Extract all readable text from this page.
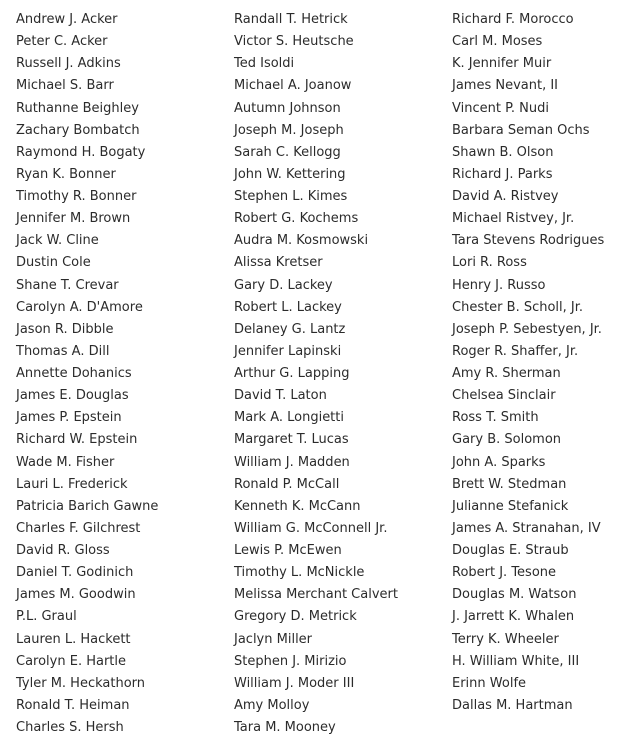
Andrew J. Acker
Peter C. Acker
Russell J. Adkins
Michael S. Barr
Ruthanne Beighley
Zachary Bombatch
Raymond H. Bogaty
Ryan K. Bonner
Timothy R. Bonner
Jennifer M. Brown
Jack W. Cline
Dustin Cole
Shane T. Crevar
Carolyn A. D'Amore
Jason R. Dibble
Thomas A. Dill
Annette Dohanics
James E. Douglas
James P. Epstein
Richard W. Epstein
Wade M. Fisher
Lauri L. Frederick
Patricia Barich Gawne
Charles F. Gilchrest
David R. Gloss
Daniel T. Godinich
James M. Goodwin
P.L. Graul
Lauren L. Hackett
Carolyn E. Hartle
Tyler M. Heckathorn
Ronald T. Heiman
Charles S. Hersh
Randall T. Hetrick
Victor S. Heutsche
Ted Isoldi
Michael A. Joanow
Autumn Johnson
Joseph M. Joseph
Sarah C. Kellogg
John W. Kettering
Stephen L. Kimes
Robert G. Kochems
Audra M. Kosmowski
Alissa Kretser
Gary D. Lackey
Robert L. Lackey
Delaney G. Lantz
Jennifer Lapinski
Arthur G. Lapping
David T. Laton
Mark A. Longietti
Margaret T. Lucas
William J. Madden
Ronald P. McCall
Kenneth K. McCann
William G. McConnell Jr.
Lewis P. McEwen
Timothy L. McNickle
Melissa Merchant Calvert
Gregory D. Metrick
Jaclyn Miller
Stephen J. Mirizio
William J. Moder III
Amy Molloy
Tara M. Mooney
Richard F. Morocco
Carl M. Moses
K. Jennifer Muir
James Nevant, II
Vincent P. Nudi
Barbara Seman Ochs
Shawn B. Olson
Richard J. Parks
David A. Ristvey
Michael Ristvey, Jr.
Tara Stevens Rodrigues
Lori R. Ross
Henry J. Russo
Chester B. Scholl, Jr.
Joseph P. Sebestyen, Jr.
Roger R. Shaffer, Jr.
Amy R. Sherman
Chelsea Sinclair
Ross T. Smith
Gary B. Solomon
John A. Sparks
Brett W. Stedman
Julianne Stefanick
James A. Stranahan, IV
Douglas E. Straub
Robert J. Tesone
Douglas M. Watson
J. Jarrett K. Whalen
Terry K. Wheeler
H. William White, III
Erinn Wolfe
Dallas M. Hartman
